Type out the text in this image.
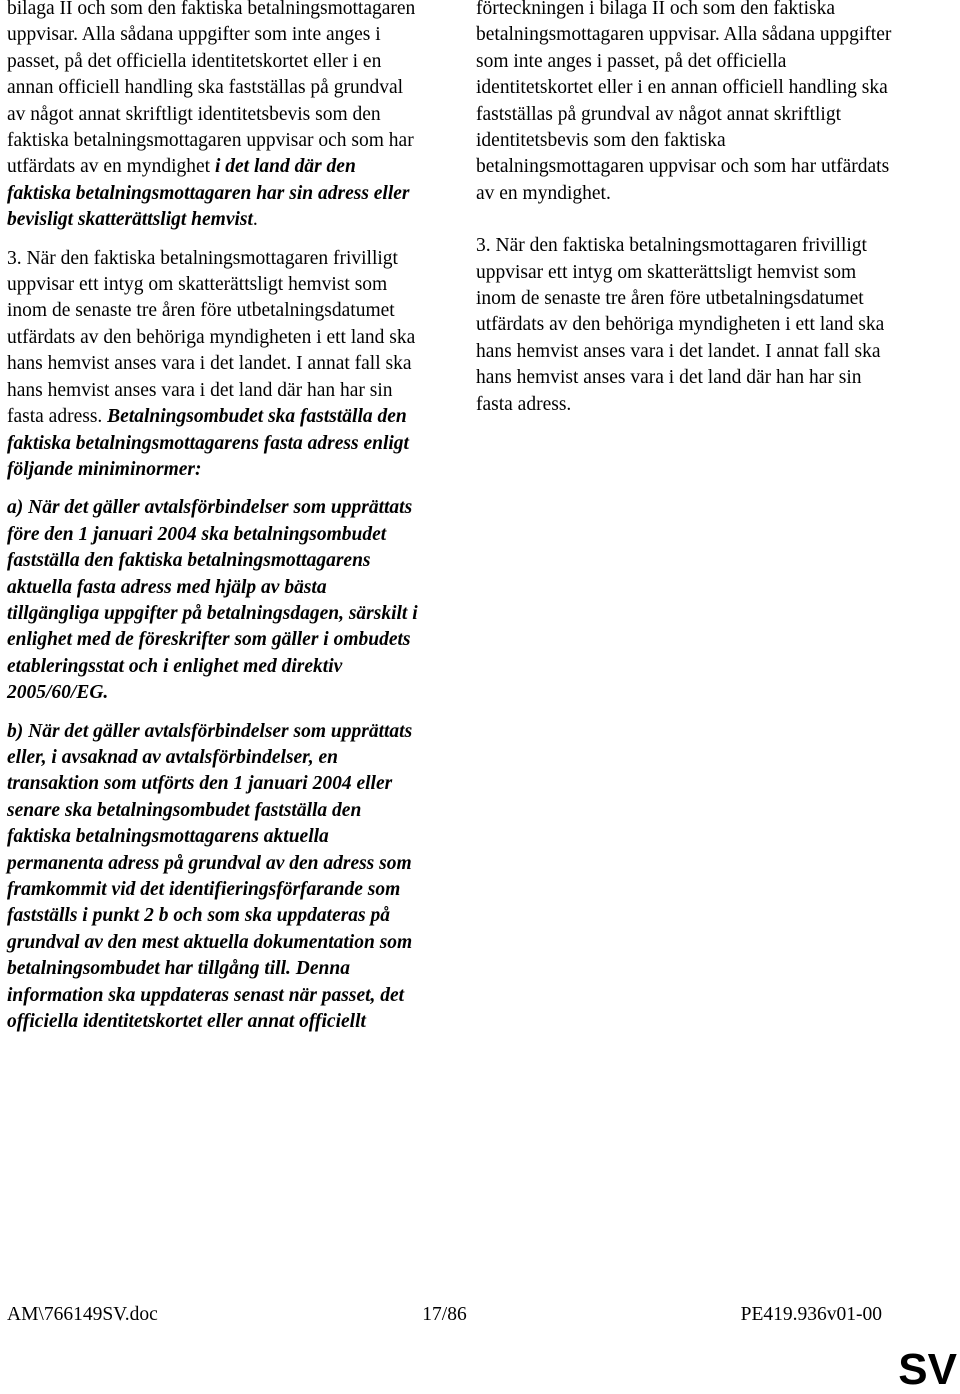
bilaga II och som den faktiska betalningsmottagaren uppvisar. Alla sådana uppgifter som inte anges i passet, på det officiella identitetskortet eller i en annan officiell handling ska fastställas på grundval av något annat skriftligt identitetsbevis som den faktiska betalningsmottagaren uppvisar och som har utfärdats av en myndighet i det land där den faktiska betalningsmottagaren har sin adress eller bevisligt skatterättsligt hemvist.

3. När den faktiska betalningsmottagaren frivilligt uppvisar ett intyg om skatterättsligt hemvist som inom de senaste tre åren före utbetalningsdatumet utfärdats av den behöriga myndigheten i ett land ska hans hemvist anses vara i det landet. I annat fall ska hans hemvist anses vara i det land där han har sin fasta adress. Betalningsombudet ska fastställa den faktiska betalningsmottagarens fasta adress enligt följande miniminormer:

a) När det gäller avtalsförbindelser som upprättats före den 1 januari 2004 ska betalningsombudet fastställa den faktiska betalningsmottagarens aktuella fasta adress med hjälp av bästa tillgängliga uppgifter på betalningsdagen, särskilt i enlighet med de föreskrifter som gäller i ombudets etableringsstat och i enlighet med direktiv 2005/60/EG.

b) När det gäller avtalsförbindelser som upprättats eller, i avsaknad av avtalsförbindelser, en transaktion som utförts den 1 januari 2004 eller senare ska betalningsombudet fastställa den faktiska betalningsmottagarens aktuella permanenta adress på grundval av den adress som framkommit vid det identifieringsförfarande som fastställs i punkt 2 b och som ska uppdateras på grundval av den mest aktuella dokumentation som betalningsombudet har tillgång till. Denna information ska uppdateras senast när passet, det officiella identitetskortet eller annat officiellt

förteckningen i bilaga II och som den faktiska betalningsmottagaren uppvisar. Alla sådana uppgifter som inte anges i passet, på det officiella identitetskortet eller i en annan officiell handling ska fastställas på grundval av något annat skriftligt identitetsbevis som den faktiska betalningsmottagaren uppvisar och som har utfärdats av en myndighet.

3. När den faktiska betalningsmottagaren frivilligt uppvisar ett intyg om skatterättsligt hemvist som inom de senaste tre åren före utbetalningsdatumet utfärdats av den behöriga myndigheten i ett land ska hans hemvist anses vara i det landet. I annat fall ska hans hemvist anses vara i det land där han har sin fasta adress.

AM\766149SV.doc	17/86	PE419.936v01-00
SV
